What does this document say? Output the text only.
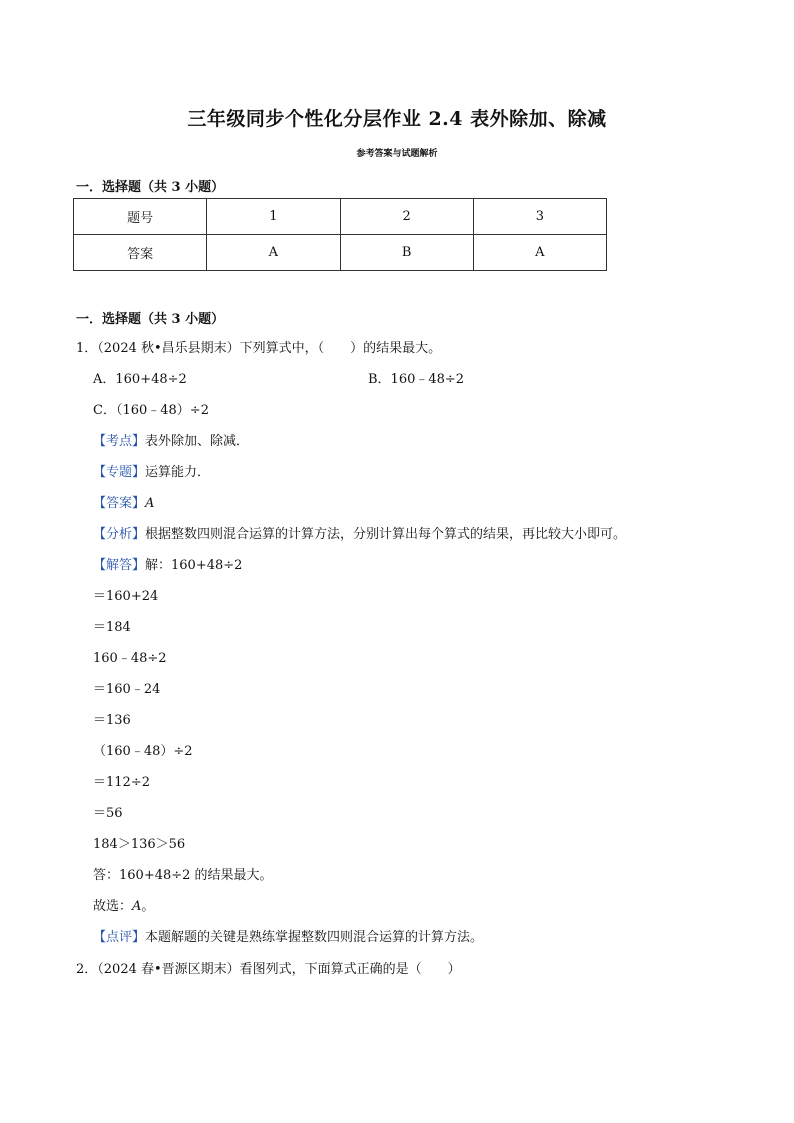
三年级同步个性化分层作业 2.4 表外除加、除减
参考答案与试题解析
一．选择题（共 3 小题）
题号	1	2	3
答案	A	B	A
一．选择题（共 3 小题）
1．（2024 秋•昌乐县期末）下列算式中，（　　）的结果最大。
A．160+48÷2	B．160﹣48÷2
C．（160﹣48）÷2
【考点】表外除加、除减．
【专题】运算能力．
【答案】A
【分析】根据整数四则混合运算的计算方法，分别计算出每个算式的结果，再比较大小即可。
【解答】解：160+48÷2
＝160+24
＝184
160﹣48÷2
＝160﹣24
＝136
（160﹣48）÷2
＝112÷2
＝56
184＞136＞56
答：160+48÷2 的结果最大。
故选：A。
【点评】本题解题的关键是熟练掌握整数四则混合运算的计算方法。
2．（2024 春•晋源区期末）看图列式，下面算式正确的是（　　）
